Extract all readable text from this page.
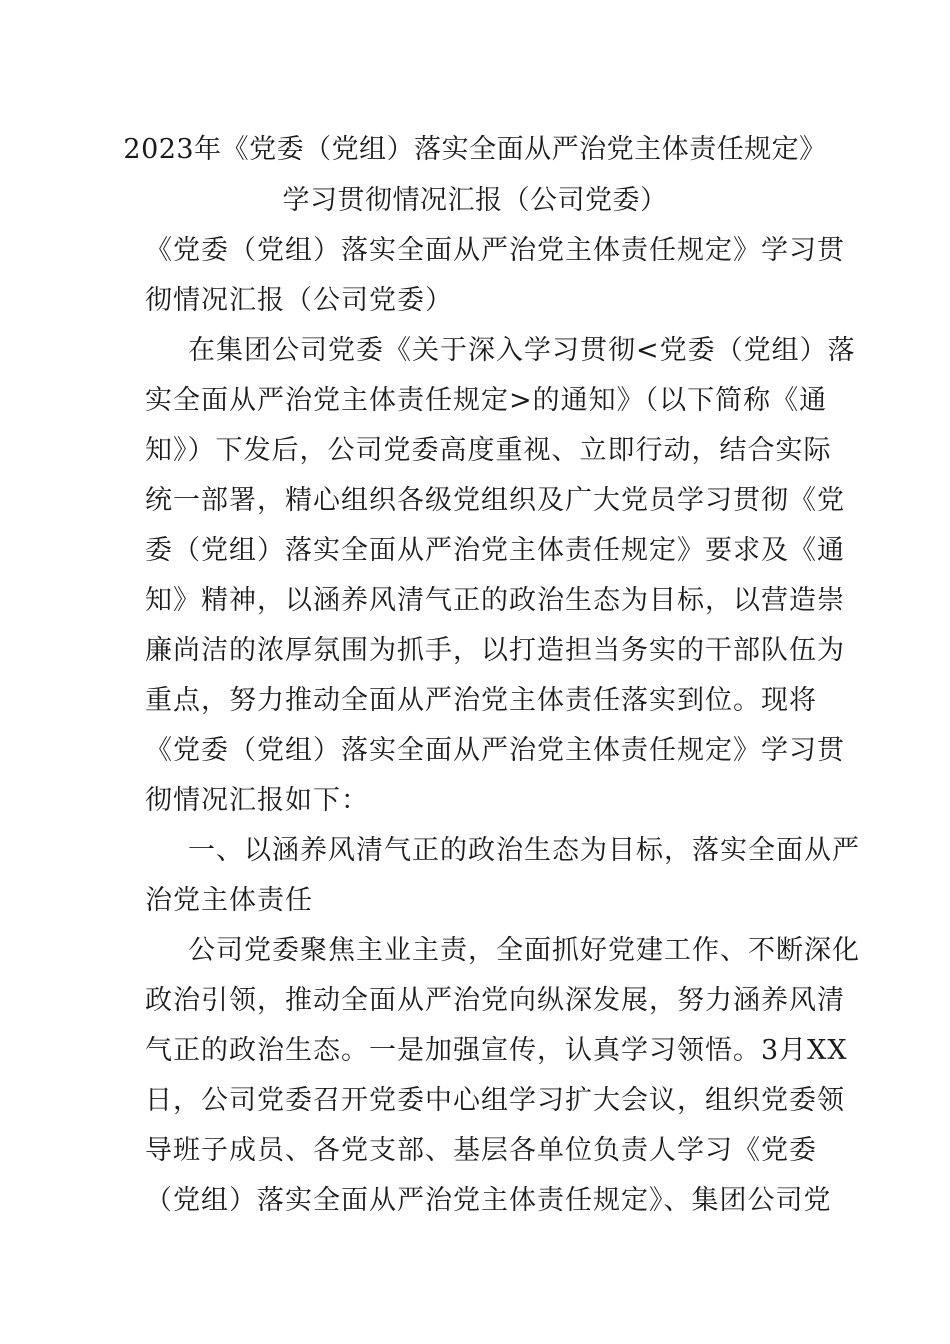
2023年《党委（党组）落实全面从严治党主体责任规定》
学习贯彻情况汇报（公司党委）
《党委（党组）落实全面从严治党主体责任规定》学习贯
彻情况汇报（公司党委）
在集团公司党委《关于深入学习贯彻<党委（党组）落
实全面从严治党主体责任规定>的通知》（以下简称《通
知》）下发后，公司党委高度重视、立即行动，结合实际
统一部署，精心组织各级党组织及广大党员学习贯彻《党
委（党组）落实全面从严治党主体责任规定》要求及《通
知》精神，以涵养风清气正的政治生态为目标，以营造崇
廉尚洁的浓厚氛围为抓手，以打造担当务实的干部队伍为
重点，努力推动全面从严治党主体责任落实到位。现将
《党委（党组）落实全面从严治党主体责任规定》学习贯
彻情况汇报如下：
一、以涵养风清气正的政治生态为目标，落实全面从严
治党主体责任
公司党委聚焦主业主责，全面抓好党建工作、不断深化
政治引领，推动全面从严治党向纵深发展，努力涵养风清
气正的政治生态。一是加强宣传，认真学习领悟。3月XX
日，公司党委召开党委中心组学习扩大会议，组织党委领
导班子成员、各党支部、基层各单位负责人学习《党委
（党组）落实全面从严治党主体责任规定》、集团公司党
